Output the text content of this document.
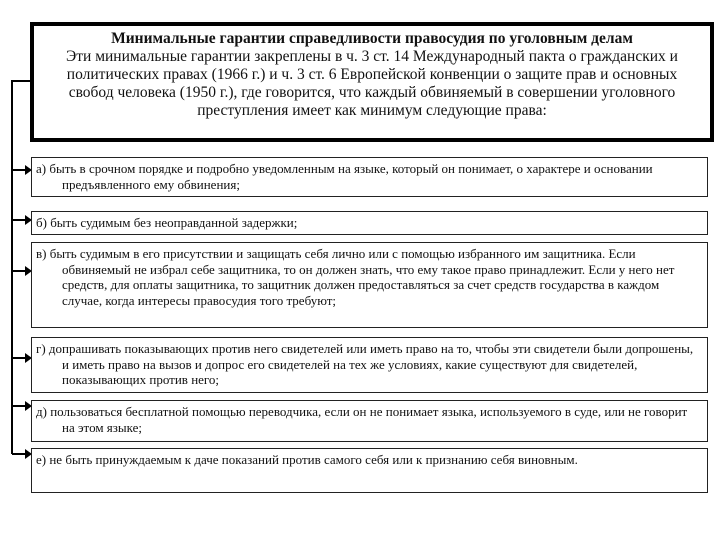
Минимальные гарантии справедливости правосудия по уголовным делам
Эти минимальные гарантии закреплены в ч. 3 ст. 14 Международный пакта о гражданских и политических правах (1966 г.) и ч. 3 ст. 6 Европейской конвенции о защите прав и основных свобод человека (1950 г.), где говорится, что каждый обвиняемый в совершении уголовного преступления имеет как минимум следующие права:
а) быть в срочном порядке и подробно уведомленным на языке, который он понимает, о характере и основании предъявленного ему обвинения;
б) быть судимым без неоправданной задержки;
в) быть судимым в его присутствии и защищать себя лично или с помощью избранного им защитника. Если обвиняемый не избрал себе защитника, то он должен знать, что ему такое право принадлежит. Если у него нет средств, для оплаты защитника, то защитник должен предоставляться за счет средств государства в каждом случае, когда интересы правосудия того требуют;
г) допрашивать показывающих против него свидетелей или иметь право на то, чтобы эти свидетели были допрошены, и иметь право на вызов и допрос его свидетелей на тех же условиях, какие существуют для свидетелей, показывающих против него;
д) пользоваться бесплатной помощью переводчика, если он не понимает языка, используемого в суде, или не говорит на этом языке;
е) не быть принуждаемым к даче показаний против самого себя или к признанию себя виновным.
